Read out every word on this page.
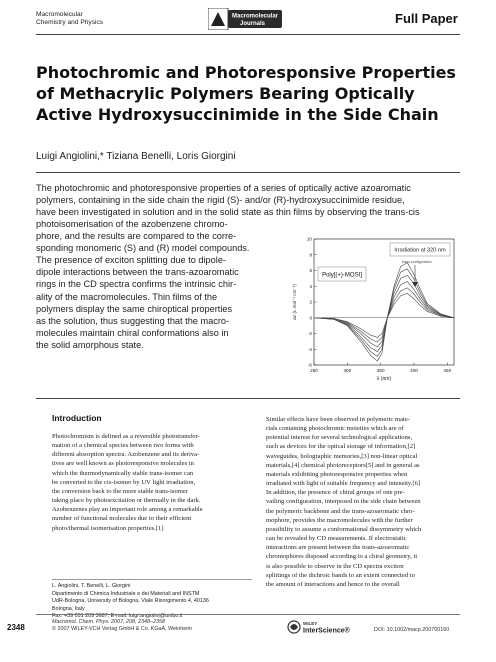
Macromolecular
Chemistry and Physics
Macromolecular
Journals	Full Paper
Photochromic and Photoresponsive Properties
of Methacrylic Polymers Bearing Optically
Active Hydroxysuccinimide in the Side Chain
Luigi Angiolini,* Tiziana Benelli, Loris Giorgini
The photochromic and photoresponsive properties of a series of optically active azoaromatic
polymers, containing in the side chain the rigid (S)- and/or (R)-hydroxysuccinimide residue,
have been investigated in solution and in the solid state as thin films by observing the trans-cis
photoisomerisation of the azobenzene chromo-
phore, and the results are compared to the corre-
sponding monomeric (S) and (R) model compounds.
The presence of exciton splitting due to dipole-
dipole interactions between the trans-azoaromatic
rings in the CD spectra confirms the intrinsic chir-
ality of the macromolecules. Thin films of the
polymers display the same chiroptical properties
as the solution, thus suggesting that the macro-
molecules maintain chiral conformations also in
the solid amorphous state.
-6
-4
-2
0
2
4
6
8
10
250	300	350	400	450
λ (nm)
Δε (L mol⁻¹ cm⁻¹)
Irradiation at 320 nm
trans configuration
Poly[(+)-MOSI]
Introduction
Photochromism is defined as a reversible phototransfor-
mation of a chemical species between two forms with
different absorption spectra. Azobenzene and its deriva-
tives are well known as photoresponsive molecules in
which the thermodynamically stable trans-isomer can
be converted to the cis-isomer by UV light irradiation,
the conversion back to the more stable trans-isomer
taking place by photoexcitation or thermally in the dark.
Azobenzenes play an important role among a remarkable
number of functional molecules due to their efficient
photo/thermal isomerisation properties.[1]
L. Angiolini, T. Benelli, L. Giorgini
Dipartimento di Chimica Industriale e dei Materiali and INSTM
UdR-Bologna, University of Bologna, Viale Risorgimento 4, 40136
Bologna, Italy
Fax: +39 051 209 3687; E-mail: luigi.angiolini@unibo.it
Similar effects have been observed in polymeric mate-
rials containing photochromic moieties which are of
potential interest for several technological applications,
such as devices for the optical storage of information,[2]
waveguides, holographic memories,[3] non-linear optical
materials,[4] chemical photoreceptors[5] and in general as
materials exhibiting photoresponsive properties when
irradiated with light of suitable frequency and intensity.[6]
In addition, the presence of chiral groups of one pre-
vailing configuration, interposed in the side chain between
the polymeric backbone and the trans-azoaromatic chro-
mophore, provides the macromolecules with the further
possibility to assume a conformational dissymmetry which
can be revealed by CD measurements. If electrostatic
interactions are present between the trans-azoaromatic
chromophores disposed according to a chiral geometry, it
is also possible to observe in the CD spectra exciton
splittings of the dichroic bands to an extent connected to
the amount of interactions and hence to the overall
2348
Macromol. Chem. Phys. 2007, 208, 2348–2358
© 2007 WILEY-VCH Verlag GmbH & Co. KGaA, Weinheim
WILEY
InterScience®	DOI: 10.1002/macp.200700160
